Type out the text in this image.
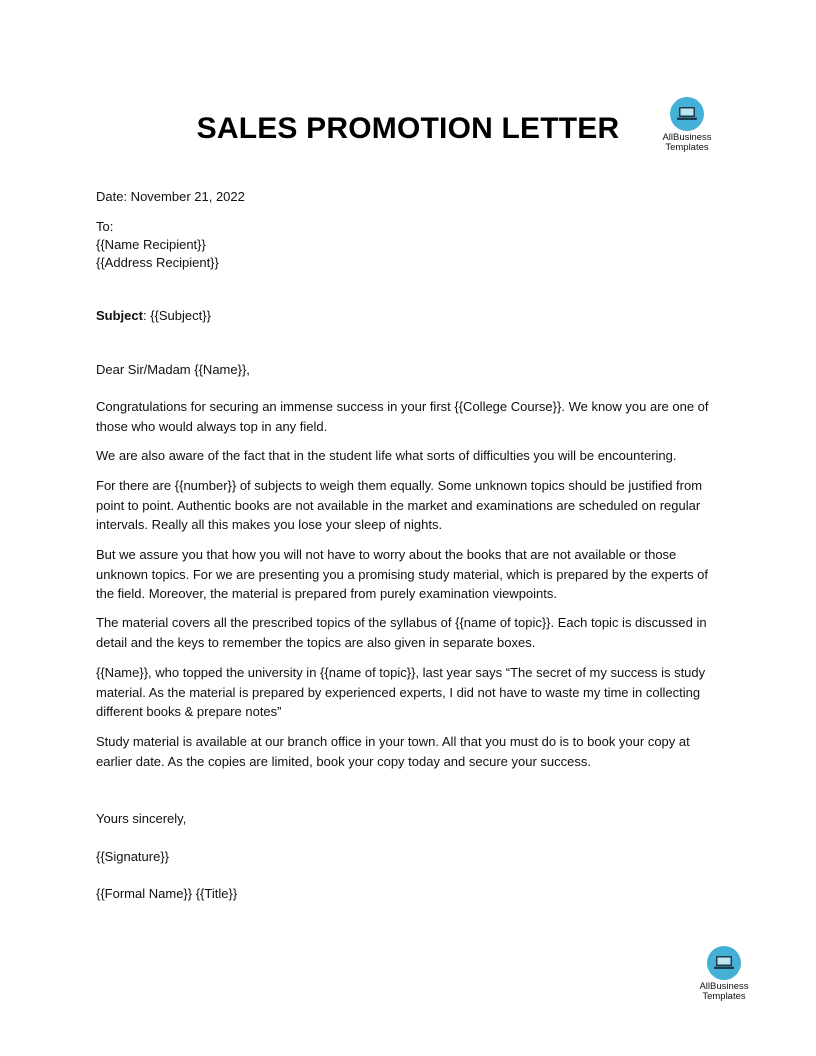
SALES PROMOTION LETTER	AllBusiness
Templates
Date: November 21, 2022
To:
{{Name Recipient}}
{{Address Recipient}}
Subject: {{Subject}}
Dear Sir/Madam {{Name}},
Congratulations for securing an immense success in your first {{College Course}}. We know you are one of those who would always top in any field.
We are also aware of the fact that in the student life what sorts of difficulties you will be encountering.
For there are {{number}} of subjects to weigh them equally. Some unknown topics should be justified from point to point. Authentic books are not available in the market and examinations are scheduled on regular intervals. Really all this makes you lose your sleep of nights.
But we assure you that how you will not have to worry about the books that are not available or those unknown topics. For we are presenting you a promising study material, which is prepared by the experts of the field. Moreover, the material is prepared from purely examination viewpoints.
The material covers all the prescribed topics of the syllabus of {{name of topic}}. Each topic is discussed in detail and the keys to remember the topics are also given in separate boxes.
{{Name}}, who topped the university in {{name of topic}}, last year says “The secret of my success is study material. As the material is prepared by experienced experts, I did not have to waste my time in collecting different books & prepare notes”
Study material is available at our branch office in your town. All that you must do is to book your copy at earlier date. As the copies are limited, book your copy today and secure your success.
Yours sincerely,
{{Signature}}
{{Formal Name}} {{Title}}
AllBusiness
Templates
